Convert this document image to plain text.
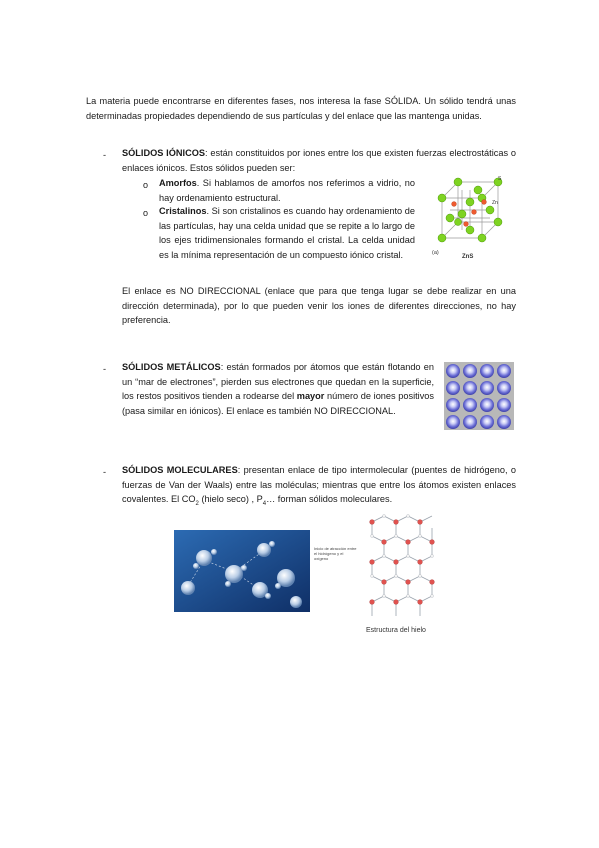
La materia puede encontrarse en diferentes fases, nos interesa la fase SÓLIDA. Un sólido tendrá unas determinadas propiedades dependiendo de sus partículas y del enlace que las mantenga unidas.
- SÓLIDOS IÓNICOS: están constituidos por iones entre los que existen fuerzas electrostáticas o enlaces iónicos. Estos sólidos pueden ser:
o Amorfos. Si hablamos de amorfos nos referimos a vidrio, no hay ordenamiento estructural.
o Cristalinos. Si son cristalinos es cuando hay ordenamiento de las partículas, hay una celda unidad que se repite a lo largo de los ejes tridimensionales formando el cristal. La celda unidad es la mínima representación de un compuesto iónico cristal.
S
Zn
(a)
ZnS
El enlace es NO DIRECCIONAL (enlace que para que tenga lugar se debe realizar en una dirección determinada), por lo que pueden venir los iones de diferentes direcciones, no hay preferencia.
- SÓLIDOS METÁLICOS: están formados por átomos que están flotando en un “mar de electrones”, pierden sus electrones que quedan en la superficie, los restos positivos tienden a rodearse del mayor número de iones positivos (pasa similar en iónicos). El enlace es también NO DIRECCIONAL.
- SÓLIDOS MOLECULARES: presentan enlace de tipo intermolecular (puentes de hidrógeno, o fuerzas de Van der Waals) entre las moléculas; mientras que entre los átomos existen enlaces covalentes. El $CO_2$ (hielo seco) , $P_4\dots$ forman sólidos moleculares.
Inicio de atracción entre el hidrógeno y el oxígeno
Estructura del hielo
